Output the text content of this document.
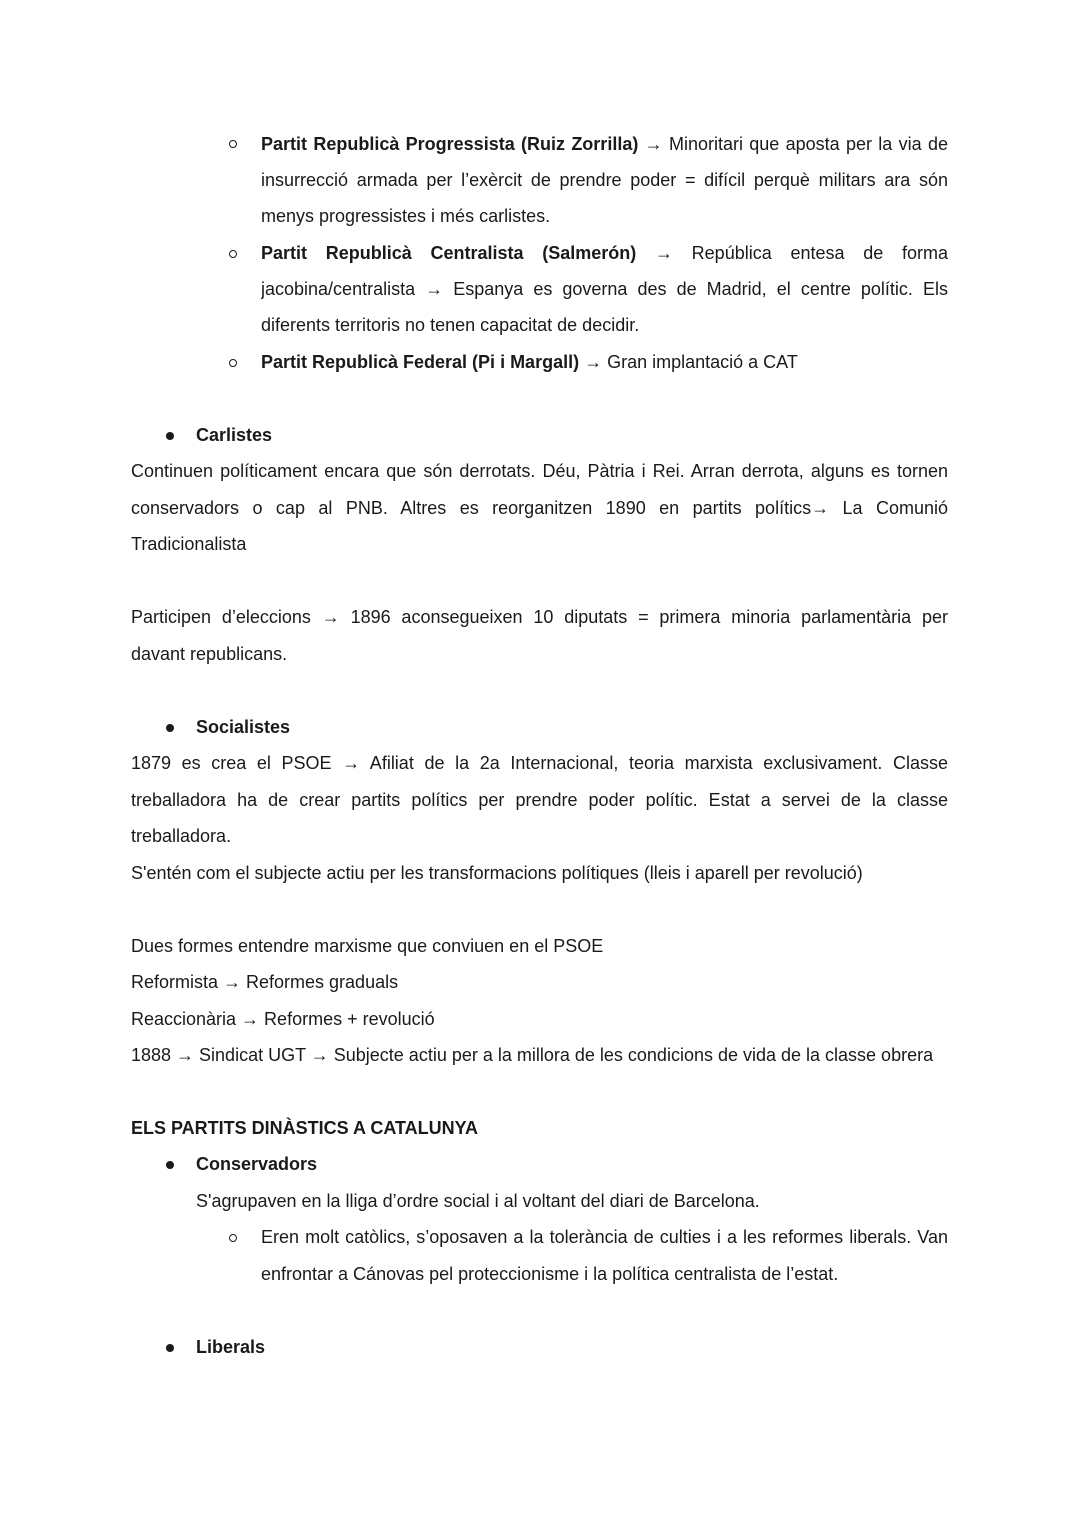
Partit Republicà Progressista (Ruiz Zorrilla) → Minoritari que aposta per la via de
insurrecció armada per l’exèrcit de prendre poder = difícil perquè militars ara són
menys progressistes i més carlistes.
Partit Republicà Centralista (Salmerón) → República entesa de forma
jacobina/centralista → Espanya es governa des de Madrid, el centre polític. Els
diferents territoris no tenen capacitat de decidir.
Partit Republicà Federal (Pi i Margall) → Gran implantació a CAT
Carlistes
Continuen políticament encara que són derrotats. Déu, Pàtria i Rei. Arran derrota, alguns es tornen
conservadors o cap al PNB. Altres es reorganitzen 1890 en partits polítics→ La Comunió
Tradicionalista
Participen d’eleccions → 1896 aconsegueixen 10 diputats = primera minoria parlamentària per
davant republicans.
Socialistes
1879 es crea el PSOE → Afiliat de la 2a Internacional, teoria marxista exclusivament. Classe
treballadora ha de crear partits polítics per prendre poder polític. Estat a servei de la classe
treballadora.
S'entén com el subjecte actiu per les transformacions polítiques (lleis i aparell per revolució)
Dues formes entendre marxisme que conviuen en el PSOE
Reformista → Reformes graduals
Reaccionària → Reformes + revolució
1888 → Sindicat UGT → Subjecte actiu per a la millora de les condicions de vida de la classe obrera
ELS PARTITS DINÀSTICS A CATALUNYA
Conservadors
S'agrupaven en la lliga d’ordre social i al voltant del diari de Barcelona.
Eren molt catòlics, s’oposaven a la tolerància de culties i a les reformes liberals. Van
enfrontar a Cánovas pel proteccionisme i la política centralista de l’estat.
Liberals
